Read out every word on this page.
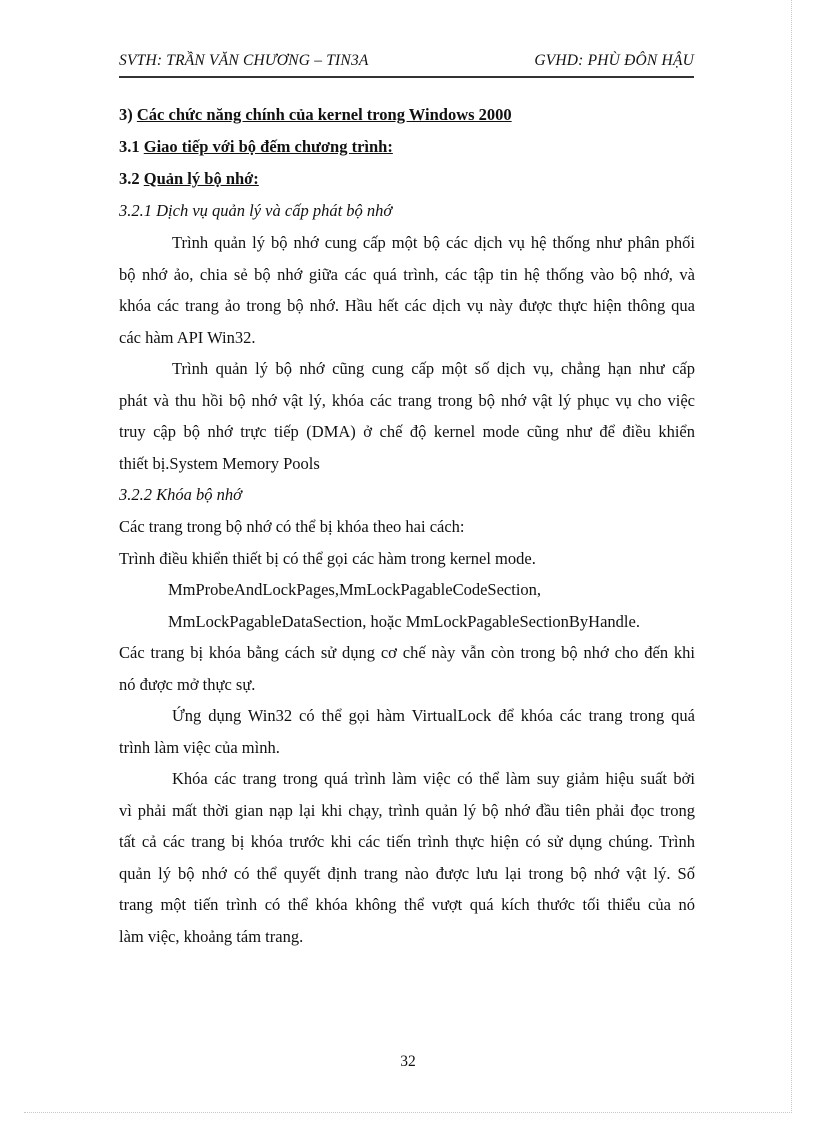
SVTH: TRẦN VĂN CHƯƠNG – TIN3A	GVHD: PHÙ ĐÔN HẬU
3) Các chức năng chính của kernel trong Windows 2000
3.1 Giao tiếp với bộ đếm chương trình:
3.2 Quản lý bộ nhớ:
3.2.1 Dịch vụ quản lý và cấp phát bộ nhớ
Trình quản lý bộ nhớ cung cấp một bộ các dịch vụ hệ thống như phân phối
bộ nhớ ảo, chia sẻ bộ nhớ giữa các quá trình, các tập tin hệ thống vào bộ nhớ, và
khóa các trang ảo trong bộ nhớ. Hầu hết các dịch vụ này được thực hiện thông qua
các hàm API Win32.
Trình quản lý bộ nhớ cũng cung cấp một số dịch vụ, chẳng hạn như cấp
phát và thu hồi bộ nhớ vật lý, khóa các trang trong bộ nhớ vật lý phục vụ cho việc
truy cập bộ nhớ trực tiếp (DMA) ở chế độ kernel mode cũng như để điều khiển
thiết bị.System Memory Pools
3.2.2 Khóa bộ nhớ
Các trang trong bộ nhớ có thể bị khóa theo hai cách:
Trình điều khiển thiết bị có thể gọi các hàm trong kernel mode.
MmProbeAndLockPages,MmLockPagableCodeSection,
MmLockPagableDataSection, hoặc MmLockPagableSectionByHandle.
Các trang bị khóa bằng cách sử dụng cơ chế này vẫn còn trong bộ nhớ cho đến khi
nó được mở thực sự.
Ứng dụng Win32 có thể gọi hàm VirtualLock để khóa các trang trong quá
trình làm việc của mình.
Khóa các trang trong quá trình làm việc có thể làm suy giảm hiệu suất bởi
vì phải mất thời gian nạp lại khi chạy, trình quản lý bộ nhớ đầu tiên phải đọc trong
tất cả các trang bị khóa trước khi các tiến trình thực hiện có sử dụng chúng. Trình
quản lý bộ nhớ có thể quyết định trang nào được lưu lại trong bộ nhớ vật lý. Số
trang một tiến trình có thể khóa không thể vượt quá kích thước tối thiểu của nó
làm việc, khoảng tám trang.
32
